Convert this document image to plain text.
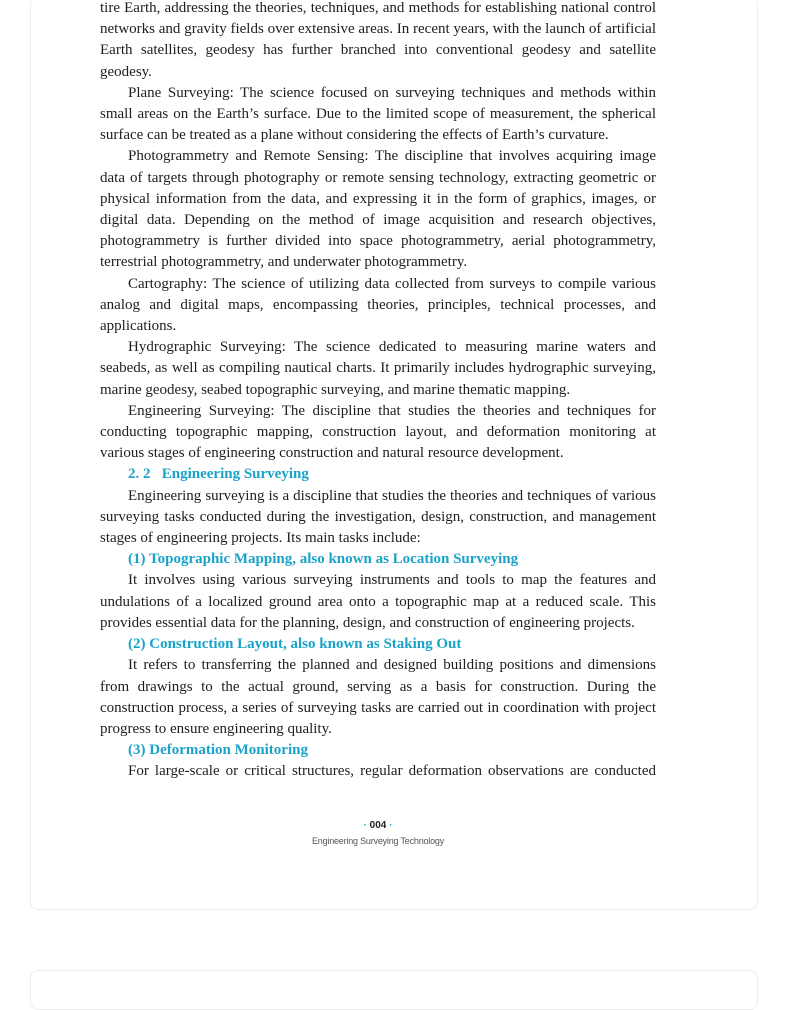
tire Earth, addressing the theories, techniques, and methods for establishing national control networks and gravity fields over extensive areas. In recent years, with the launch of artificial Earth satellites, geodesy has further branched into conventional geodesy and satellite geodesy.

Plane Surveying: The science focused on surveying techniques and methods within small areas on the Earth’s surface. Due to the limited scope of measurement, the spherical surface can be treated as a plane without considering the effects of Earth’s curvature.

Photogrammetry and Remote Sensing: The discipline that involves acquiring image data of targets through photography or remote sensing technology, extracting geometric or physical information from the data, and expressing it in the form of graphics, images, or digital data. Depending on the method of image acquisition and research objectives, photogrammetry is further divided into space photogrammetry, aerial photogrammetry, terrestrial photogrammetry, and underwater photogrammetry.

Cartography: The science of utilizing data collected from surveys to compile various analog and digital maps, encompassing theories, principles, technical processes, and applications.

Hydrographic Surveying: The science dedicated to measuring marine waters and seabeds, as well as compiling nautical charts. It primarily includes hydrographic surveying, marine geodesy, seabed topographic surveying, and marine thematic mapping.

Engineering Surveying: The discipline that studies the theories and techniques for conducting topographic mapping, construction layout, and deformation monitoring at various stages of engineering construction and natural resource development.

2. 2   Engineering Surveying

Engineering surveying is a discipline that studies the theories and techniques of various surveying tasks conducted during the investigation, design, construction, and management stages of engineering projects. Its main tasks include:

(1) Topographic Mapping, also known as Location Surveying

It involves using various surveying instruments and tools to map the features and undulations of a localized ground area onto a topographic map at a reduced scale. This provides essential data for the planning, design, and construction of engineering projects.

(2) Construction Layout, also known as Staking Out

It refers to transferring the planned and designed building positions and dimensions from drawings to the actual ground, serving as a basis for construction. During the construction process, a series of surveying tasks are carried out in coordination with project progress to ensure engineering quality.

(3) Deformation Monitoring

For large-scale or critical structures, regular deformation observations are conducted

· 004 ·
Engineering Surveying Technology
